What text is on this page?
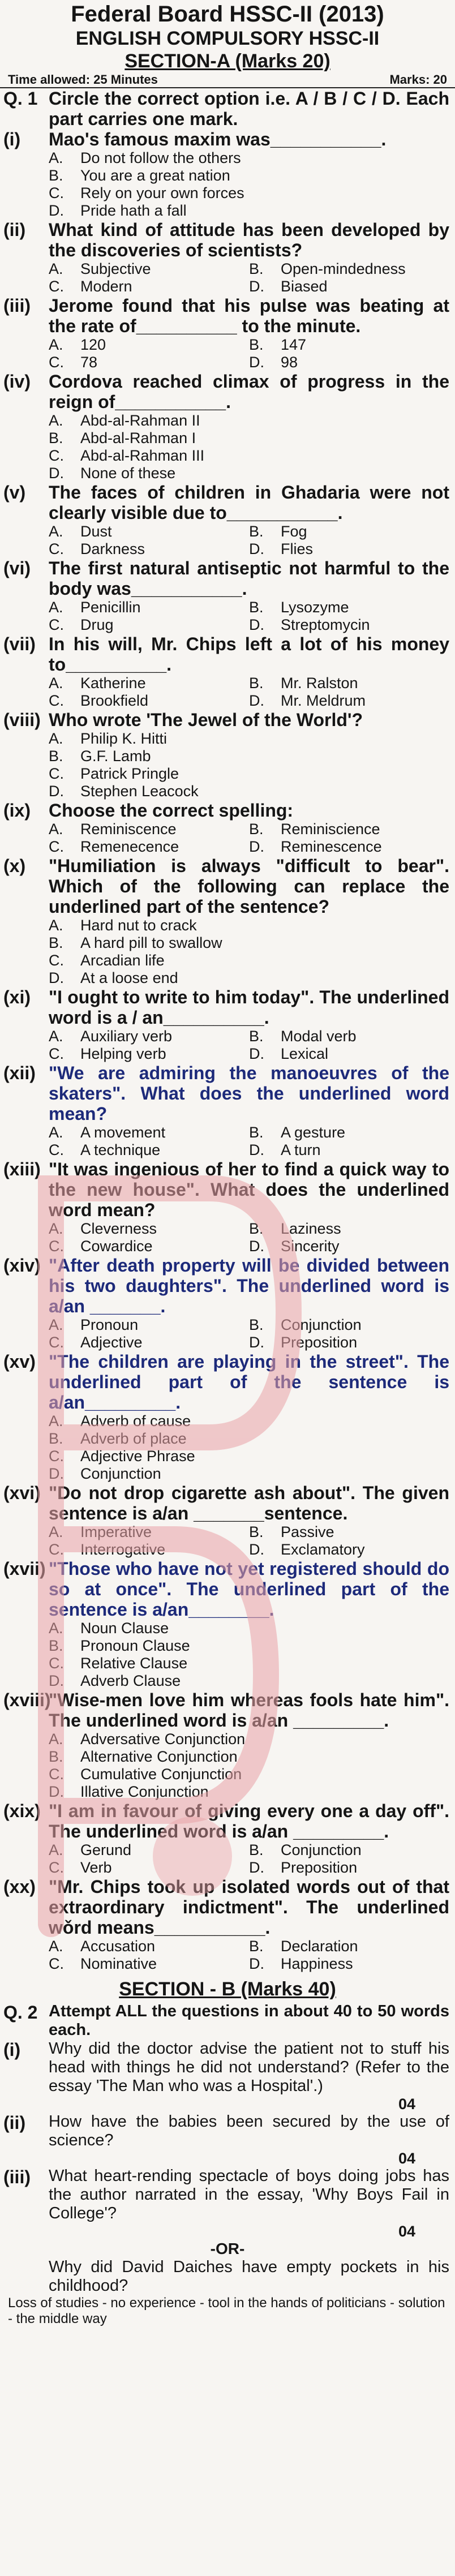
Federal Board HSSC-II (2013)
ENGLISH COMPULSORY HSSC-II
SECTION-A (Marks 20)
Time allowed: 25 Minutes	Marks: 20
Q. 1 Circle the correct option i.e. A / B / C / D. Each part carries one mark.
(i)	Mao's famous maxim was___________.
A.	Do not follow the others
B.	You are a great nation
C.	Rely on your own forces
D.	Pride hath a fall
(ii)	What kind of attitude has been developed by the discoveries of scientists?
A.	Subjective	B.	Open-mindedness
C.	Modern	D.	Biased
(iii)	Jerome found that his pulse was beating at the rate of__________ to the minute.
A.	120	B.	147
C.	78	D.	98
(iv)	Cordova reached climax of progress in the reign of___________.
A.	Abd-al-Rahman II
B.	Abd-al-Rahman I
C.	Abd-al-Rahman III
D.	None of these
(v)	The faces of children in Ghadaria were not clearly visible due to___________.
A.	Dust	B.	Fog
C.	Darkness	D.	Flies
(vi)	The first natural antiseptic not harmful to the body was___________.
A.	Penicillin	B.	Lysozyme
C.	Drug	D.	Streptomycin
(vii) In his will, Mr. Chips left a lot of his money to__________.
A.	Katherine	B.	Mr. Ralston
C.	Brookfield	D.	Mr. Meldrum
(viii) Who wrote 'The Jewel of the World'?
A.	Philip K. Hitti
B.	G.F. Lamb
C.	Patrick Pringle
D.	Stephen Leacock
(ix)	Choose the correct spelling:
A.	Reminiscence	B.	Reminiscience
C.	Remenecence	D.	Reminescence
(x)	"Humiliation is always "difficult to bear". Which of the following can replace the underlined part of the sentence?
A.	Hard nut to crack
B.	A hard pill to swallow
C.	Arcadian life
D.	At a loose end
(xi)	"I ought to write to him today". The underlined word is a / an__________.
A.	Auxiliary verb	B.	Modal verb
C.	Helping verb	D.	Lexical
(xii) "We are admiring the manoeuvres of the skaters". What does the underlined word mean?
A.	A movement	B.	A gesture
C.	A technique	D.	A turn
(xiii) "It was ingenious of her to find a quick way to the new house". What does the underlined word mean?
A.	Cleverness	B.	Laziness
C.	Cowardice	D.	Sincerity
(xiv) "After death property will be divided between his two daughters". The underlined word is a/an _______.
A.	Pronoun	B.	Conjunction
C.	Adjective	D.	Preposition
(xv) "The children are playing in the street". The underlined part of the sentence is a/an_________.
A.	Adverb of cause
B.	Adverb of place
C.	Adjective Phrase
D.	Conjunction
(xvi) "Do not drop cigarette ash about". The given sentence is a/an _______sentence.
A.	Imperative	B.	Passive
C.	Interrogative	D.	Exclamatory
(xvii) "Those who have not yet registered should do so at once". The underlined part of the sentence is a/an________.
A.	Noun Clause
B.	Pronoun Clause
C.	Relative Clause
D.	Adverb Clause
(xviii)
"Wise-men love him whereas fools hate him". The underlined word is a/an _________.
A.	Adversative Conjunction
B.	Alternative Conjunction
C.	Cumulative Conjunction
D.	Illative Conjunction
(xix) "I am in favour of giving every one a day off". The underlined word is a/an _________.
A.	Gerund	B.	Conjunction
C.	Verb	D.	Preposition
(xx) "Mr. Chips took up isolated words out of that extraordinary indictment". The underlined wǒrd means___________.
A.	Accusation	B.	Declaration
C.	Nominative	D.	Happiness
SECTION - B (Marks 40)
Q. 2 Attempt ALL the questions in about 40 to 50 words each.
(i)	Why did the doctor advise the patient not to stuff his head with things he did not understand? (Refer to the essay 'The Man who was a Hospital'.)
04
(ii)	How have the babies been secured by the use of science?
04
(iii)	What heart-rending spectacle of boys doing jobs has the author narrated in the essay, 'Why Boys Fail in College'?
04
-OR-
Why did David Daiches have empty pockets in his childhood?
Loss of studies - no experience - tool in the hands of politicians - solution - the middle way
